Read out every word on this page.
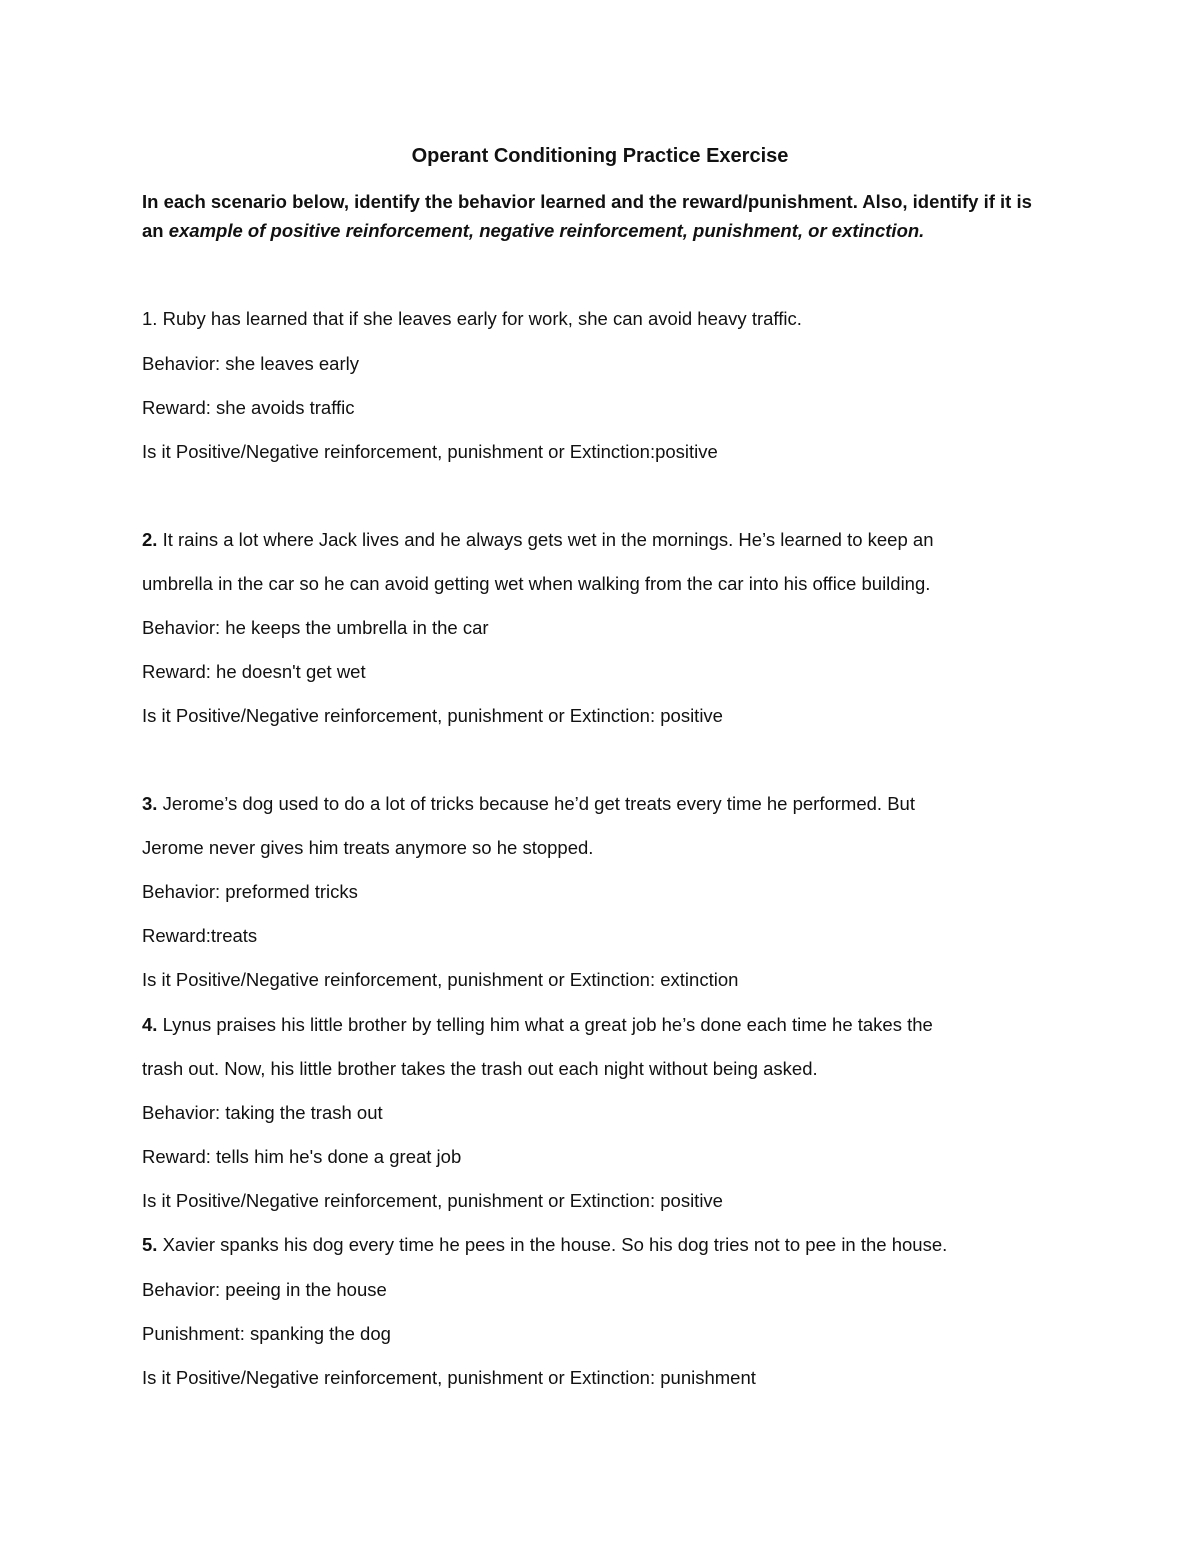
Operant Conditioning Practice Exercise
In each scenario below, identify the behavior learned and the reward/punishment. Also, identify if it is
an example of positive reinforcement, negative reinforcement, punishment, or extinction.
1. Ruby has learned that if she leaves early for work, she can avoid heavy traffic.
Behavior: she leaves early
Reward: she avoids traffic
Is it Positive/Negative reinforcement, punishment or Extinction:positive
2. It rains a lot where Jack lives and he always gets wet in the mornings. He’s learned to keep an
umbrella in the car so he can avoid getting wet when walking from the car into his office building.
Behavior: he keeps the umbrella in the car
Reward: he doesn't get wet
Is it Positive/Negative reinforcement, punishment or Extinction: positive
3. Jerome’s dog used to do a lot of tricks because he’d get treats every time he performed. But
Jerome never gives him treats anymore so he stopped.
Behavior: preformed tricks
Reward:treats
Is it Positive/Negative reinforcement, punishment or Extinction: extinction
4. Lynus praises his little brother by telling him what a great job he’s done each time he takes the
trash out. Now, his little brother takes the trash out each night without being asked.
Behavior: taking the trash out
Reward: tells him he's done a great job
Is it Positive/Negative reinforcement, punishment or Extinction: positive
5. Xavier spanks his dog every time he pees in the house. So his dog tries not to pee in the house.
Behavior: peeing in the house
Punishment: spanking the dog
Is it Positive/Negative reinforcement, punishment or Extinction: punishment
